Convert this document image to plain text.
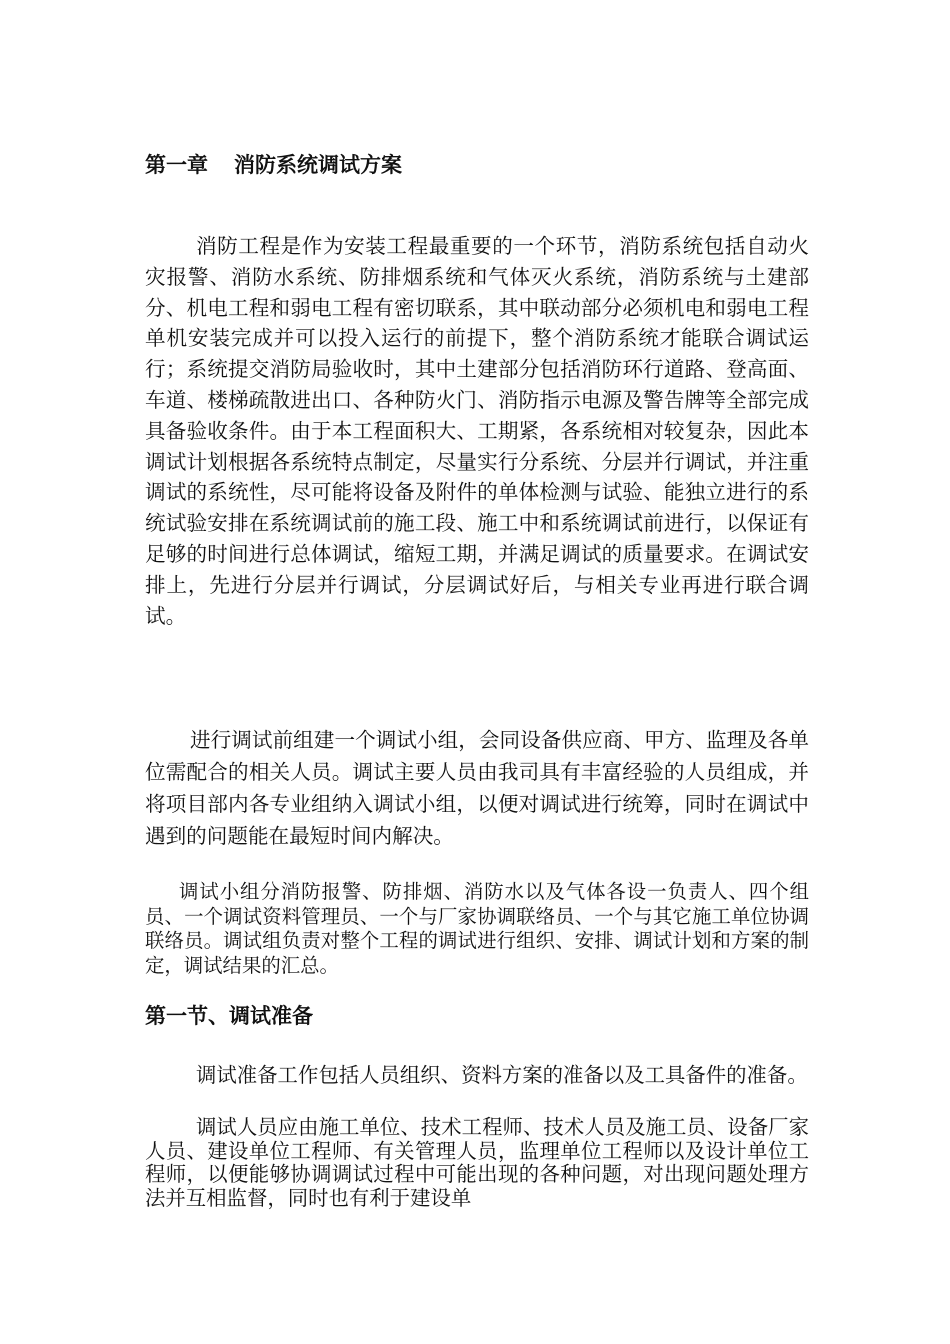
第一章 消防系统调试方案

消防工程是作为安装工程最重要的一个环节，消防系统包括自动火灾报警、消防水系统、防排烟系统和气体灭火系统，消防系统与土建部分、机电工程和弱电工程有密切联系，其中联动部分必须机电和弱电工程单机安装完成并可以投入运行的前提下，整个消防系统才能联合调试运行；系统提交消防局验收时，其中土建部分包括消防环行道路、登高面、车道、楼梯疏散进出口、各种防火门、消防指示电源及警告牌等全部完成具备验收条件。由于本工程面积大、工期紧，各系统相对较复杂，因此本调试计划根据各系统特点制定，尽量实行分系统、分层并行调试，并注重调试的系统性，尽可能将设备及附件的单体检测与试验、能独立进行的系统试验安排在系统调试前的施工段、施工中和系统调试前进行，以保证有足够的时间进行总体调试，缩短工期，并满足调试的质量要求。在调试安排上，先进行分层并行调试，分层调试好后，与相关专业再进行联合调试。

进行调试前组建一个调试小组，会同设备供应商、甲方、监理及各单位需配合的相关人员。调试主要人员由我司具有丰富经验的人员组成，并将项目部内各专业组纳入调试小组，以便对调试进行统筹，同时在调试中遇到的问题能在最短时间内解决。

调试小组分消防报警、防排烟、消防水以及气体各设一负责人、四个组员、一个调试资料管理员、一个与厂家协调联络员、一个与其它施工单位协调联络员。调试组负责对整个工程的调试进行组织、安排、调试计划和方案的制定，调试结果的汇总。

第一节、调试准备

调试准备工作包括人员组织、资料方案的准备以及工具备件的准备。

调试人员应由施工单位、技术工程师、技术人员及施工员、设备厂家人员、建设单位工程师、有关管理人员，监理单位工程师以及设计单位工程师，以便能够协调调试过程中可能出现的各种问题，对出现问题处理方法并互相监督，同时也有利于建设单
